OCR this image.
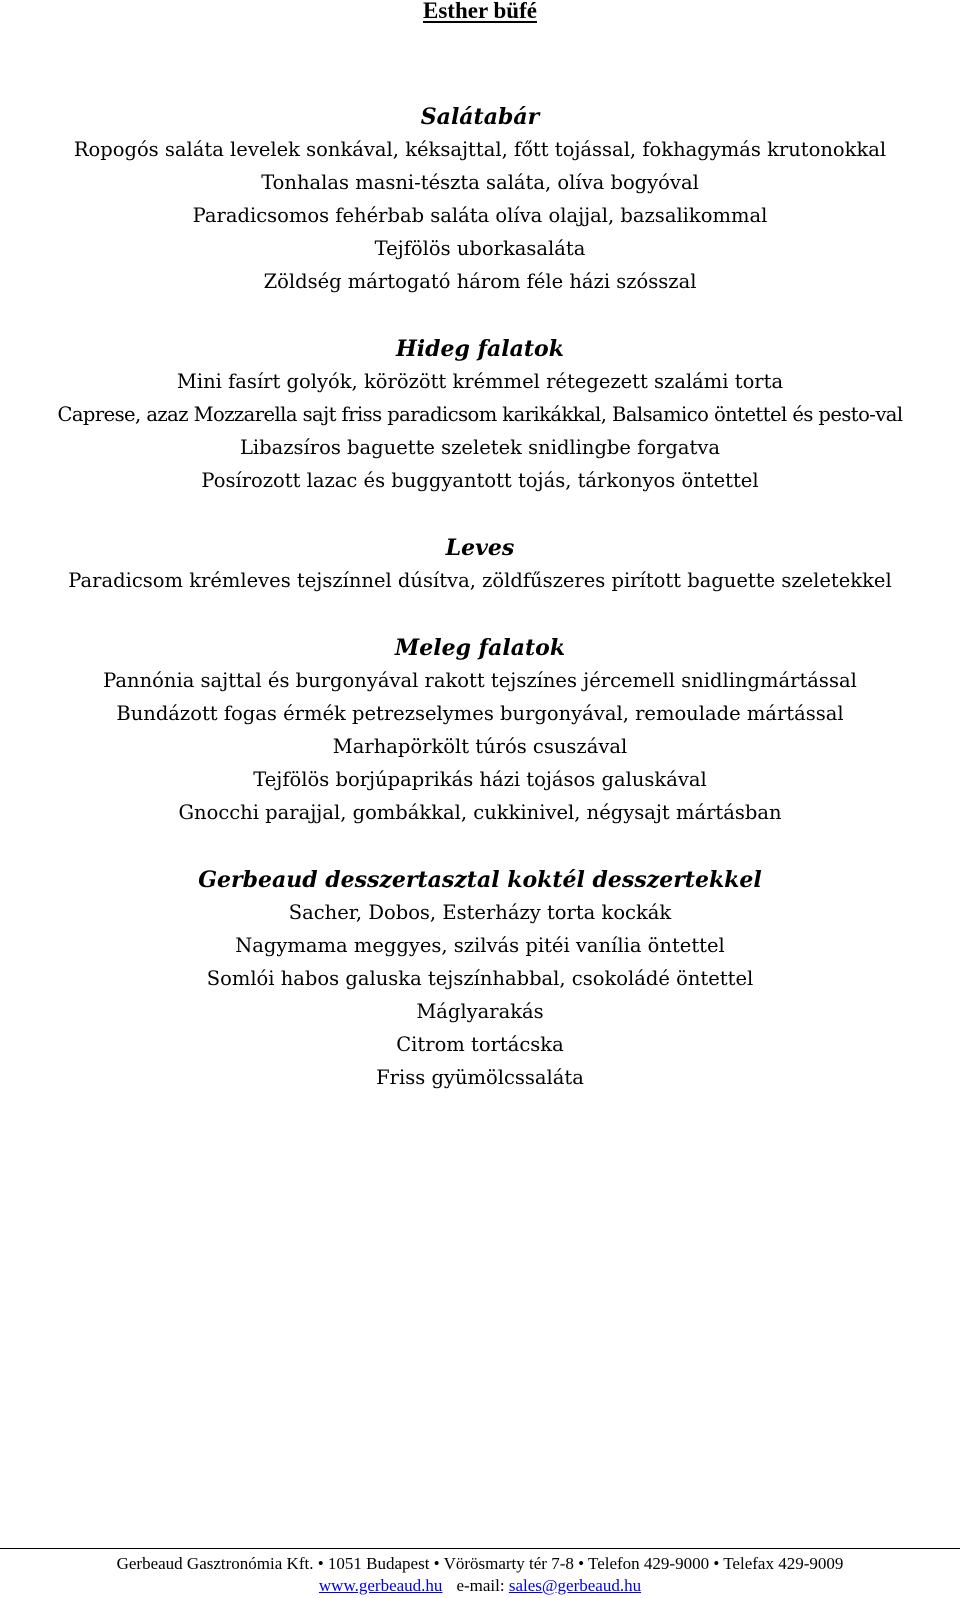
Esther büfé
Salátabár
Ropogós saláta levelek sonkával, kéksajttal, főtt tojással, fokhagymás krutonokkal
Tonhalas masni-tészta saláta, olíva bogyóval
Paradicsomos fehérbab saláta olíva olajjal, bazsalikommal
Tejfölös uborkasaláta
Zöldség mártogató három féle házi szósszal
Hideg falatok
Mini fasírt golyók, körözött krémmel rétegezett szalámi torta
Caprese, azaz Mozzarella sajt friss paradicsom karikákkal, Balsamico öntettel és pesto-val
Libazsíros baguette szeletek snidlingbe forgatva
Posírozott lazac és buggyantott tojás, tárkonyos öntettel
Leves
Paradicsom krémleves tejszínnel dúsítva, zöldfűszeres pirított baguette szeletekkel
Meleg falatok
Pannónia sajttal és burgonyával rakott tejszínes jércemell snidlingmártással
Bundázott fogas érmék petrezselymes burgonyával, remoulade mártással
Marhapörkölt túrós csuszával
Tejfölös borjúpaprikás házi tojásos galuskával
Gnocchi parajjal, gombákkal, cukkinivel, négysajt mártásban
Gerbeaud desszertasztal koktél desszertekkel
Sacher, Dobos, Esterházy torta kockák
Nagymama meggyes, szilvás pitéi vanília öntettel
Somlói habos galuska tejszínhabbal, csokoládé öntettel
Máglyarakás
Citrom tortácska
Friss gyümölcssaláta
Gerbeaud Gasztronómia Kft. • 1051 Budapest • Vörösmarty tér 7-8 • Telefon 429-9000 • Telefax 429-9009
www.gerbeaud.hu e-mail: sales@gerbeaud.hu
